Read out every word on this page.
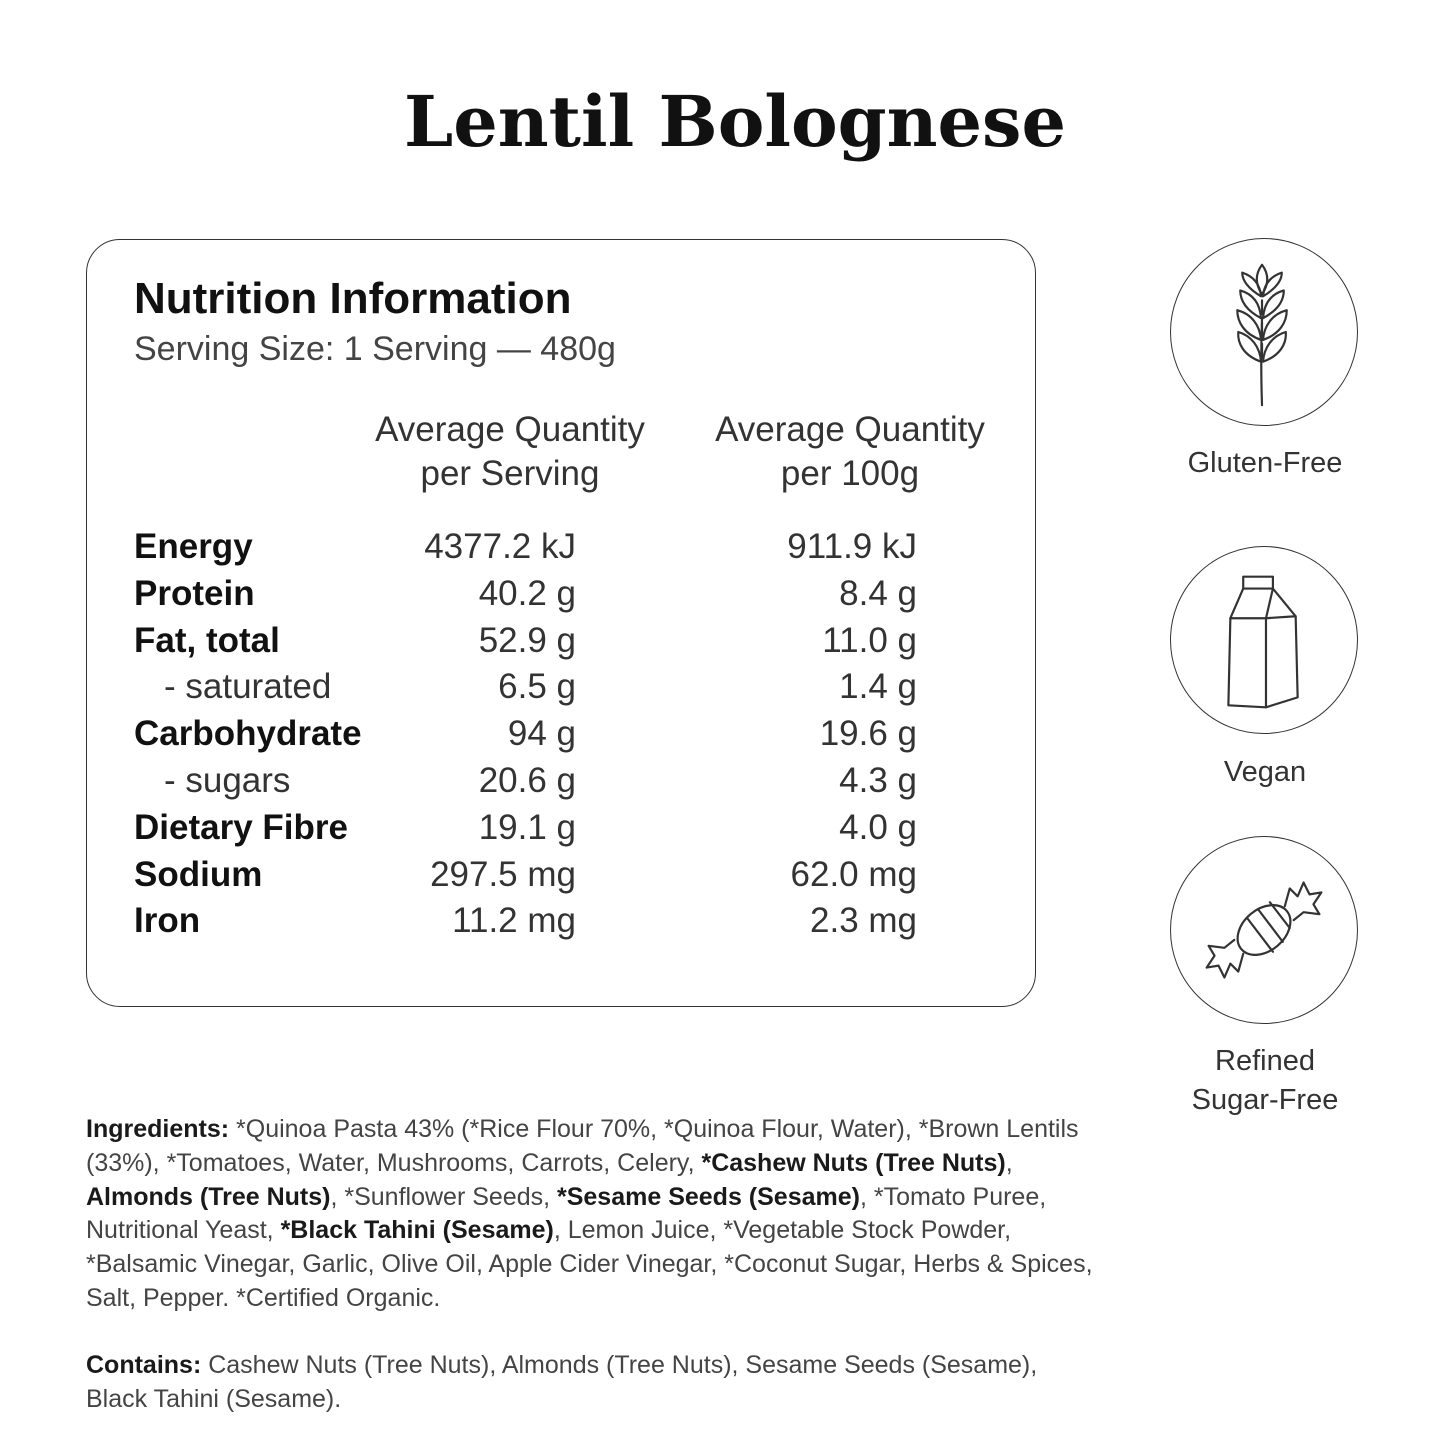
Lentil Bolognese
Nutrition Information
Serving Size: 1 Serving — 480g
Average Quantity
per Serving
Average Quantity
per 100g
Energy	4377.2 kJ	911.9 kJ
Protein	40.2 g	8.4 g
Fat, total	52.9 g	11.0 g
- saturated	6.5 g	1.4 g
Carbohydrate	94 g	19.6 g
- sugars	20.6 g	4.3 g
Dietary Fibre	19.1 g	4.0 g
Sodium	297.5 mg	62.0 mg
Iron	11.2 mg	2.3 mg
Gluten-Free
Vegan
Refined
Sugar-Free
Ingredients: *Quinoa Pasta 43% (*Rice Flour 70%, *Quinoa Flour, Water), *Brown Lentils (33%), *Tomatoes, Water, Mushrooms, Carrots, Celery, *Cashew Nuts (Tree Nuts), Almonds (Tree Nuts), *Sunflower Seeds, *Sesame Seeds (Sesame), *Tomato Puree, Nutritional Yeast, *Black Tahini (Sesame), Lemon Juice, *Vegetable Stock Powder, *Balsamic Vinegar, Garlic, Olive Oil, Apple Cider Vinegar, *Coconut Sugar, Herbs & Spices, Salt, Pepper. *Certified Organic.
Contains: Cashew Nuts (Tree Nuts), Almonds (Tree Nuts), Sesame Seeds (Sesame), Black Tahini (Sesame).
